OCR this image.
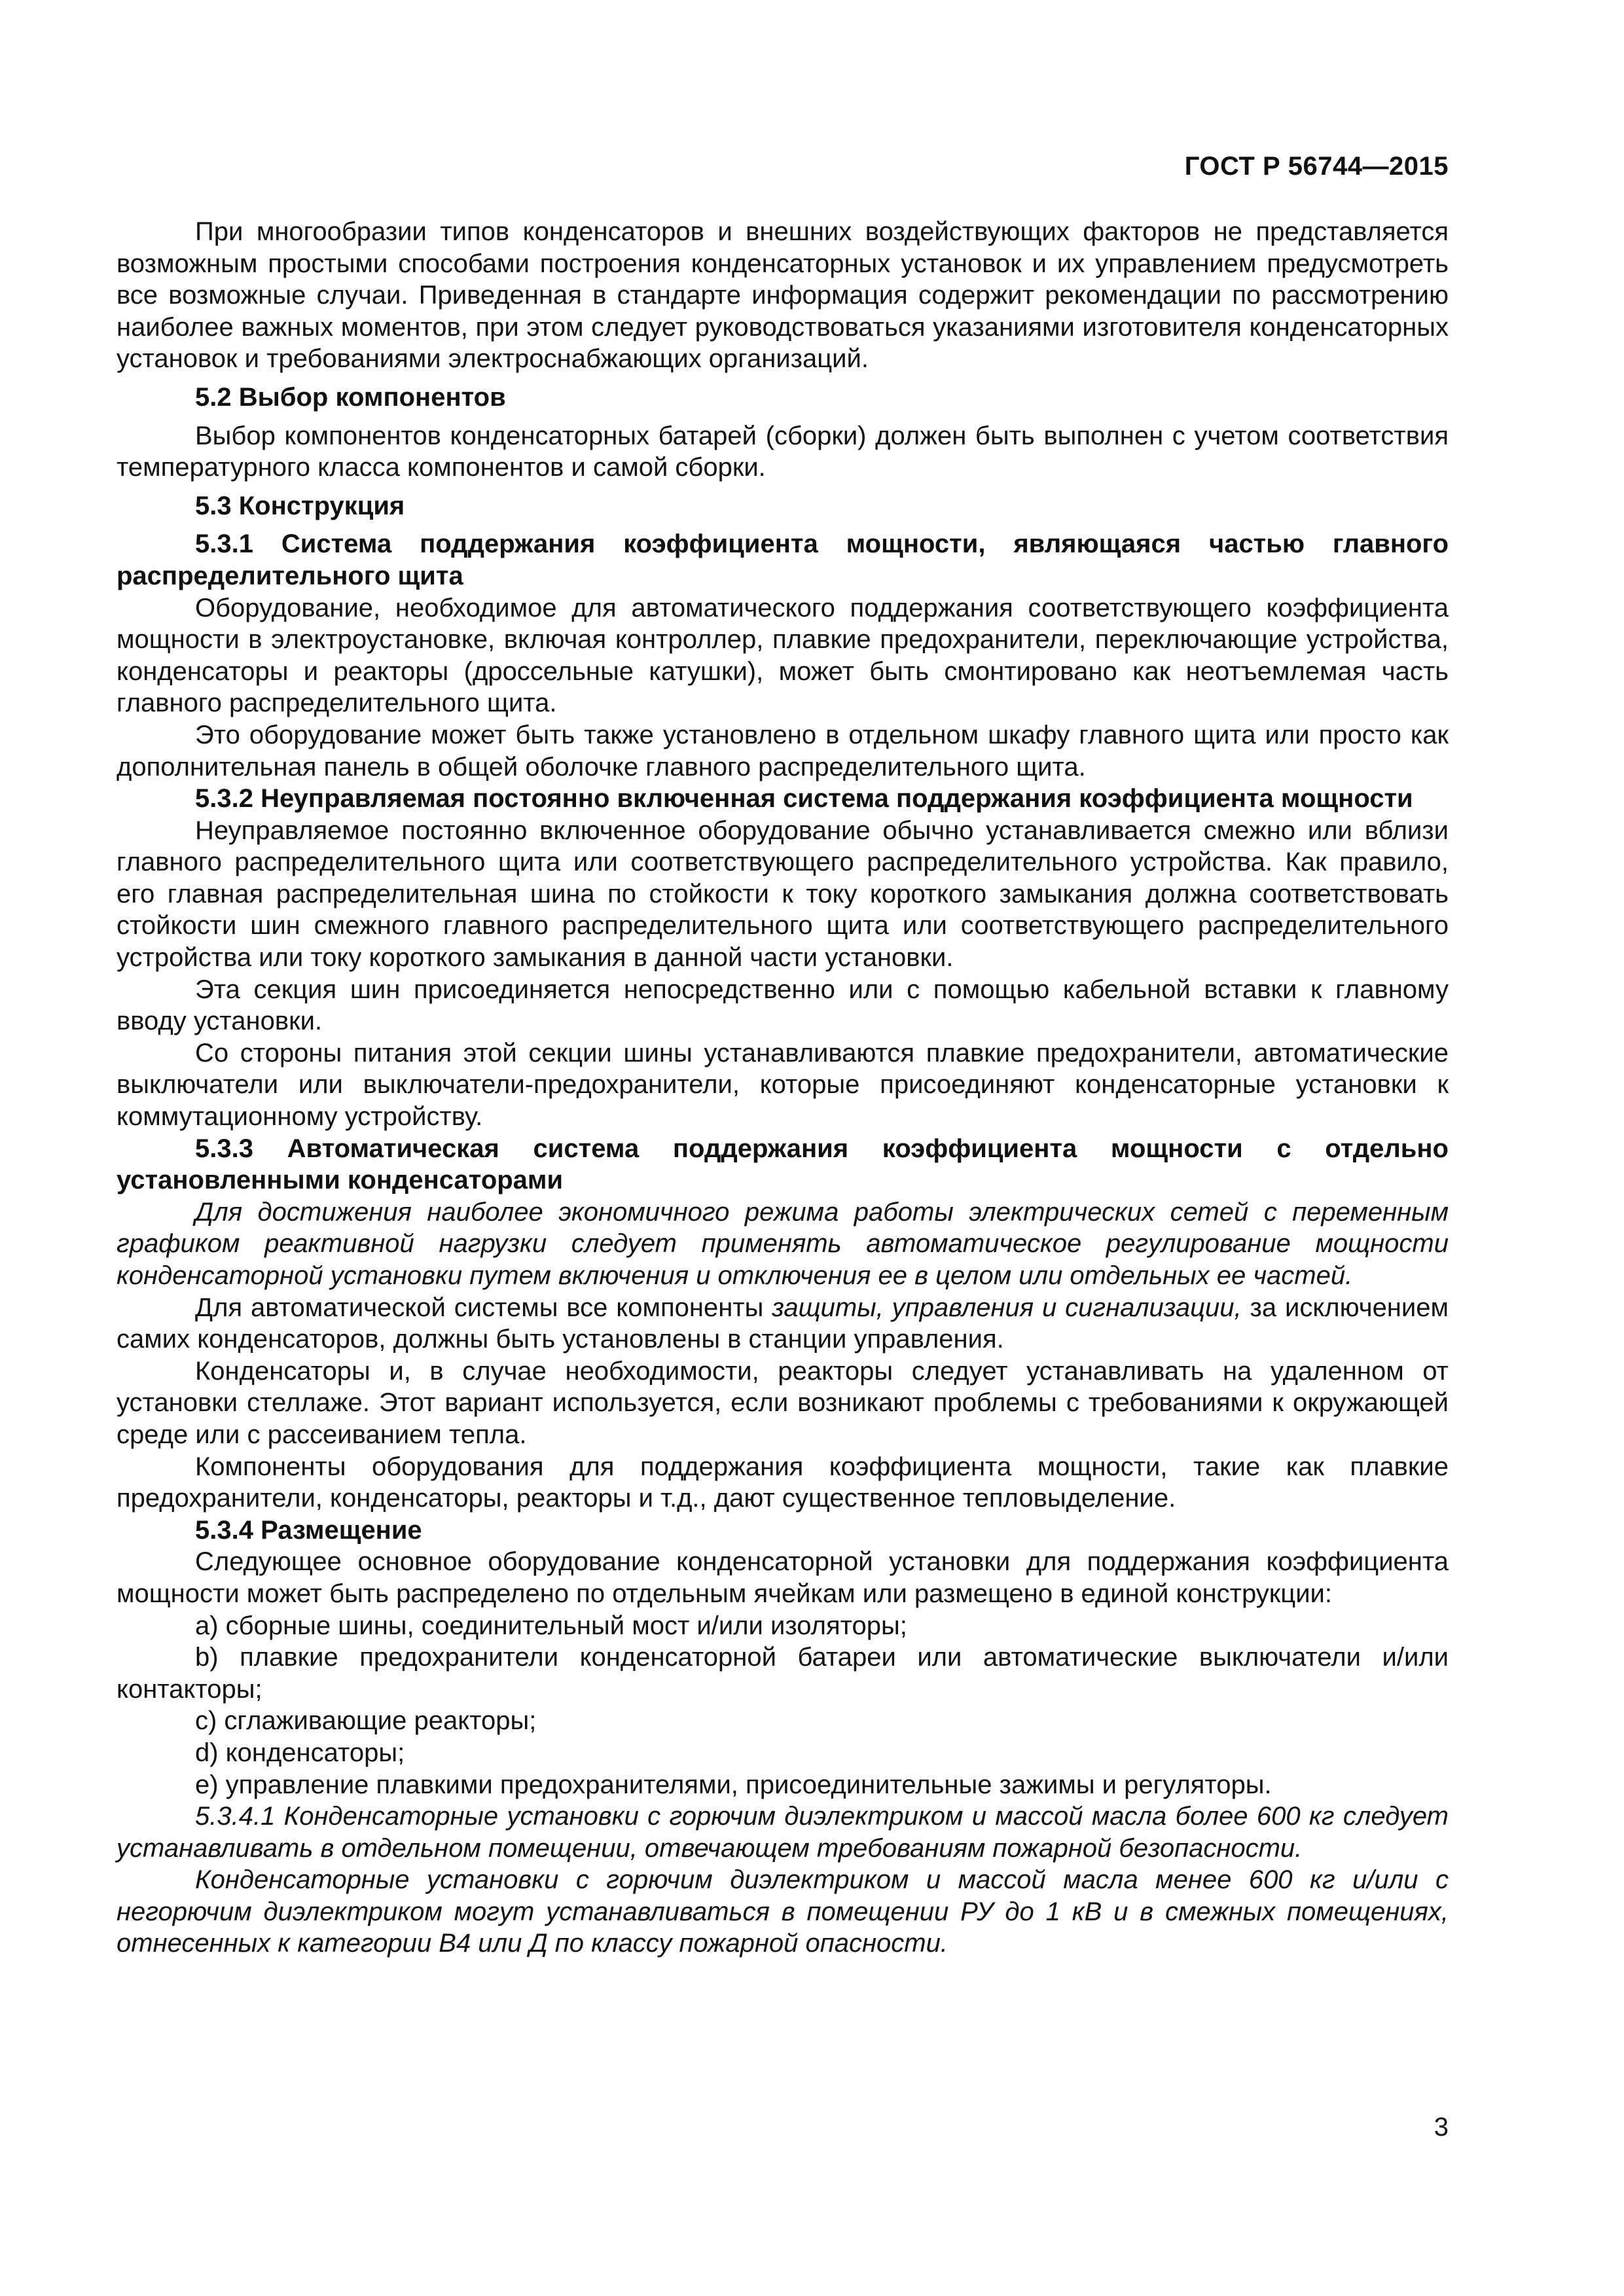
ГОСТ Р 56744—2015

При многообразии типов конденсаторов и внешних воздействующих факторов не представляется возможным простыми способами построения конденсаторных установок и их управлением предусмотреть все возможные случаи. Приведенная в стандарте информация содержит рекомендации по рассмотрению наиболее важных моментов, при этом следует руководствоваться указаниями изготовителя конденсаторных установок и требованиями электроснабжающих организаций.

5.2 Выбор компонентов

Выбор компонентов конденсаторных батарей (сборки) должен быть выполнен с учетом соответствия температурного класса компонентов и самой сборки.

5.3 Конструкция

5.3.1 Система поддержания коэффициента мощности, являющаяся частью главного распределительного щита

Оборудование, необходимое для автоматического поддержания соответствующего коэффициента мощности в электроустановке, включая контроллер, плавкие предохранители, переключающие устройства, конденсаторы и реакторы (дроссельные катушки), может быть смонтировано как неотъемлемая часть главного распределительного щита.

Это оборудование может быть также установлено в отдельном шкафу главного щита или просто как дополнительная панель в общей оболочке главного распределительного щита.

5.3.2 Неуправляемая постоянно включенная система поддержания коэффициента мощности

Неуправляемое постоянно включенное оборудование обычно устанавливается смежно или вблизи главного распределительного щита или соответствующего распределительного устройства. Как правило, его главная распределительная шина по стойкости к току короткого замыкания должна соответствовать стойкости шин смежного главного распределительного щита или соответствующего распределительного устройства или току короткого замыкания в данной части установки.

Эта секция шин присоединяется непосредственно или с помощью кабельной вставки к главному вводу установки.

Со стороны питания этой секции шины устанавливаются плавкие предохранители, автоматические выключатели или выключатели-предохранители, которые присоединяют конденсаторные установки к коммутационному устройству.

5.3.3 Автоматическая система поддержания коэффициента мощности с отдельно установленными конденсаторами

Для достижения наиболее экономичного режима работы электрических сетей с переменным графиком реактивной нагрузки следует применять автоматическое регулирование мощности конденсаторной установки путем включения и отключения ее в целом или отдельных ее частей.

Для автоматической системы все компоненты защиты, управления и сигнализации, за исключением самих конденсаторов, должны быть установлены в станции управления.

Конденсаторы и, в случае необходимости, реакторы следует устанавливать на удаленном от установки стеллаже. Этот вариант используется, если возникают проблемы с требованиями к окружающей среде или с рассеиванием тепла.

Компоненты оборудования для поддержания коэффициента мощности, такие как плавкие предохранители, конденсаторы, реакторы и т.д., дают существенное тепловыделение.

5.3.4 Размещение

Следующее основное оборудование конденсаторной установки для поддержания коэффициента мощности может быть распределено по отдельным ячейкам или размещено в единой конструкции:

a) сборные шины, соединительный мост и/или изоляторы;

b) плавкие предохранители конденсаторной батареи или автоматические выключатели и/или контакторы;

c) сглаживающие реакторы;

d) конденсаторы;

e) управление плавкими предохранителями, присоединительные зажимы и регуляторы.

5.3.4.1 Конденсаторные установки с горючим диэлектриком и массой масла более 600 кг следует устанавливать в отдельном помещении, отвечающем требованиям пожарной безопасности.

Конденсаторные установки с горючим диэлектриком и массой масла менее 600 кг и/или с негорючим диэлектриком могут устанавливаться в помещении РУ до 1 кВ и в смежных помещениях, отнесенных к категории В4 или Д по классу пожарной опасности.

3
